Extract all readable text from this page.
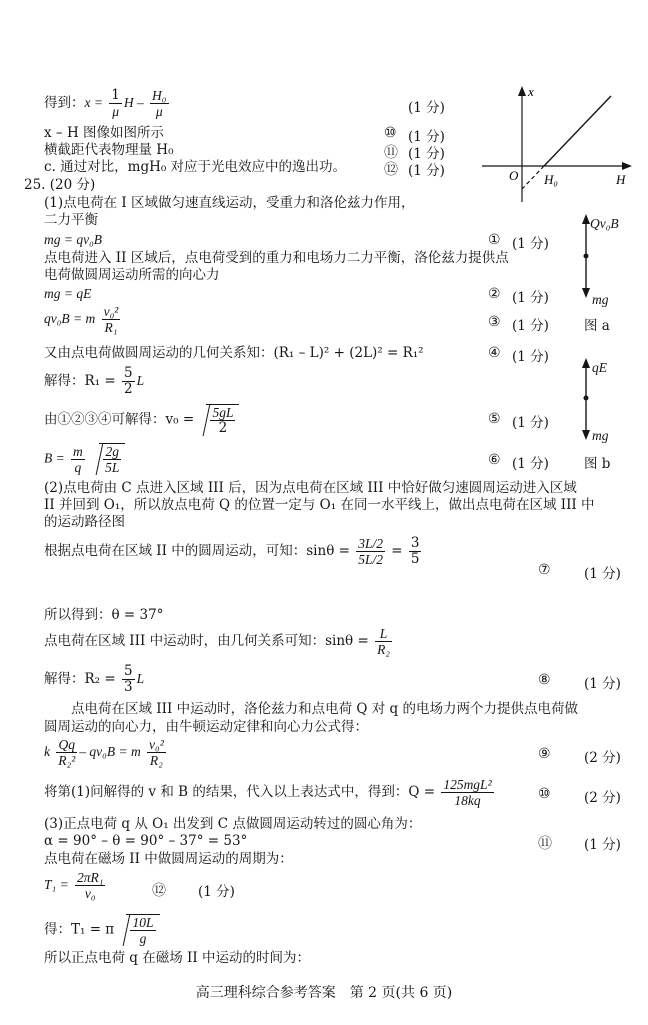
x
H
O H₀
Qv₀B
mg
图 a
qE
mg
图 b
得到：$x = \frac{1}{\mu}$ H – $\frac{\text{H₀}}{\mu}$	(1 分)
x – H 图像如图所示	⑩ (1 分)
横截距代表物理量 H₀	⑪ (1 分)
c. 通过对比，mgH₀ 对应于光电效应中的逸出功。	⑫ (1 分)
25. (20 分)
(1)点电荷在 I 区域做匀速直线运动，受重力和洛伦兹力作用，
二力平衡
mg = qv₀B	① (1 分)
点电荷进入 II 区域后，点电荷受到的重力和电场力二力平衡，洛伦兹力提供点
电荷做圆周运动所需的向心力
mg = qE	② (1 分)
qv₀B = m $\frac{\text{v₀²}}{\text{R₁}}$	③ (1 分)
又由点电荷做圆周运动的几何关系知：(R₁ – L)² + (2L)² = R₁²	④ (1 分)
解得：$R_1 = \frac{5}{2}$ L
由①②③④可解得：$v_0 = \frac{5gL}{2}$	⑤ (1 分)
$B = \frac{m}{q}$
$\frac{2g}{5L}$	⑥ (1 分)
(2)点电荷由 C 点进入区域 III 后，因为点电荷在区域 III 中恰好做匀速圆周运动进入区域
II 并回到 O₁，所以放点电荷 Q 的位置一定与 O₁ 在同一水平线上，做出点电荷在区域 III 中
的运动路径图
根据点电荷在区域 II 中的圆周运动，可知：$\sin\theta = \frac{3L/2}{5L/2} = \frac{3}{5}$
⑦ (1 分)
所以得到：θ = 37°
点电荷在区域 III 中运动时，由几何关系可知：$\sin\theta = \frac{L}{\text{R₂}}$
解得：$R_2 = \frac{5}{3}$ L	⑧ (1 分)
　　点电荷在区域 III 中运动时，洛伦兹力和点电荷 Q 对 q 的电场力两个力提供点电荷做
圆周运动的向心力，由牛顿运动定律和向心力公式得：
k $\frac{Qq}{\text{R₂²}} - qv_0B = m \frac{\text{v₀²}}{\text{R₂}}$	⑨ (2 分)
将第(1)问解得的 v 和 B 的结果，代入以上表达式中，得到：$Q = \frac{\text{125mgL²}}{18kq}$	⑩ (2 分)
(3)正点电荷 q 从 O₁ 出发到 C 点做圆周运动转过的圆心角为：
α = 90° – θ = 90° – 37° = 53°	⑪ (1 分)
点电荷在磁场 II 中做圆周运动的周期为：
$T_1 = \frac{\text{2πR₁}}{\text{v₀}}$	⑫ (1 分)
得：T₁ = π $\frac{10L}{g}$
所以正点电荷 q 在磁场 II 中运动的时间为：
高三理科综合参考答案　第 2 页(共 6 页)
